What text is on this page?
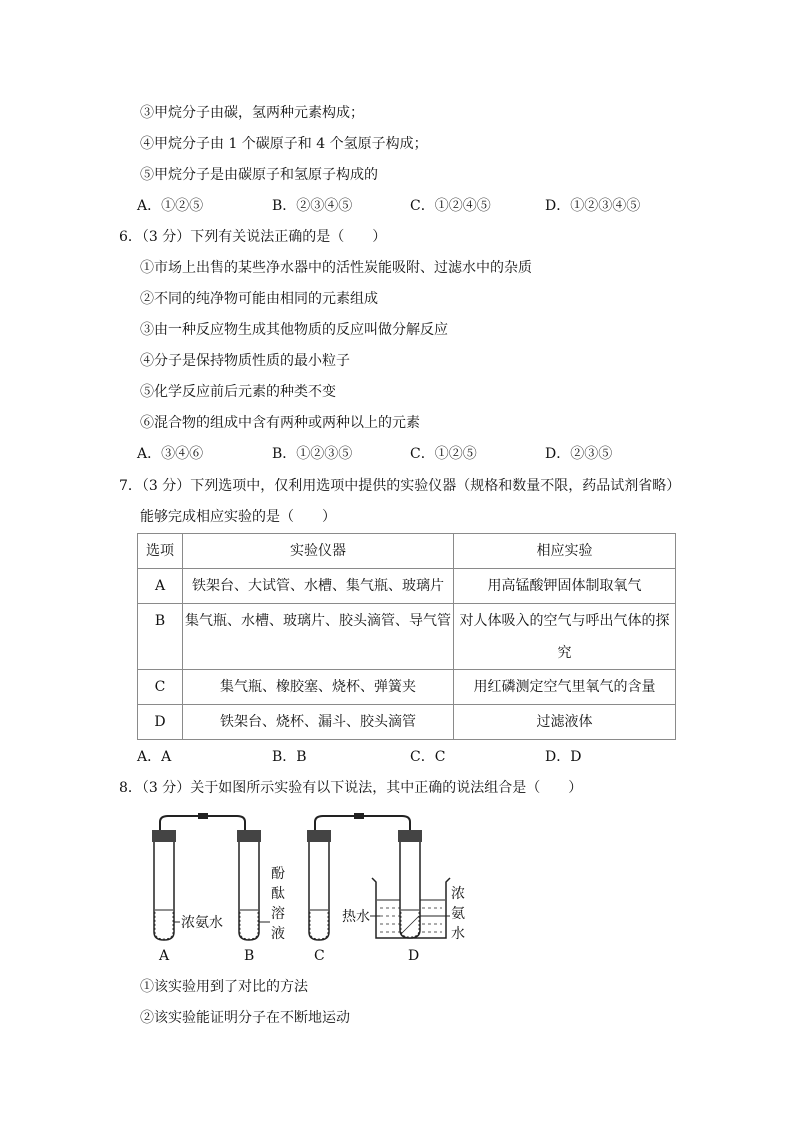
③甲烷分子由碳，氢两种元素构成；
④甲烷分子由 1 个碳原子和 4 个氢原子构成；
⑤甲烷分子是由碳原子和氢原子构成的
A．①②⑤	B．②③④⑤	C．①②④⑤	D．①②③④⑤
6．（3 分）下列有关说法正确的是（　　）
①市场上出售的某些净水器中的活性炭能吸附、过滤水中的杂质
②不同的纯净物可能由相同的元素组成
③由一种反应物生成其他物质的反应叫做分解反应
④分子是保持物质性质的最小粒子
⑤化学反应前后元素的种类不变
⑥混合物的组成中含有两种或两种以上的元素
A．③④⑥	B．①②③⑤	C．①②⑤	D．②③⑤
7．（3 分）下列选项中，仅利用选项中提供的实验仪器（规格和数量不限，药品试剂省略）
能够完成相应实验的是（　　）
选项	实验仪器	相应实验
A	铁架台、大试管、水槽、集气瓶、玻璃片	用高锰酸钾固体制取氧气
B	集气瓶、水槽、玻璃片、胶头滴管、导气管	对人体吸入的空气与呼出气体的探究
C	集气瓶、橡胶塞、烧杯、弹簧夹	用红磷测定空气里氧气的含量
D	铁架台、烧杯、漏斗、胶头滴管	过滤液体
A．A	B．B	C．C	D．D
8．（3 分）关于如图所示实验有以下说法，其中正确的说法组合是（　　）
浓氨水
酚
酞
溶
液
热水
浓
氨
水
A	B	C	D
①该实验用到了对比的方法
②该实验能证明分子在不断地运动
